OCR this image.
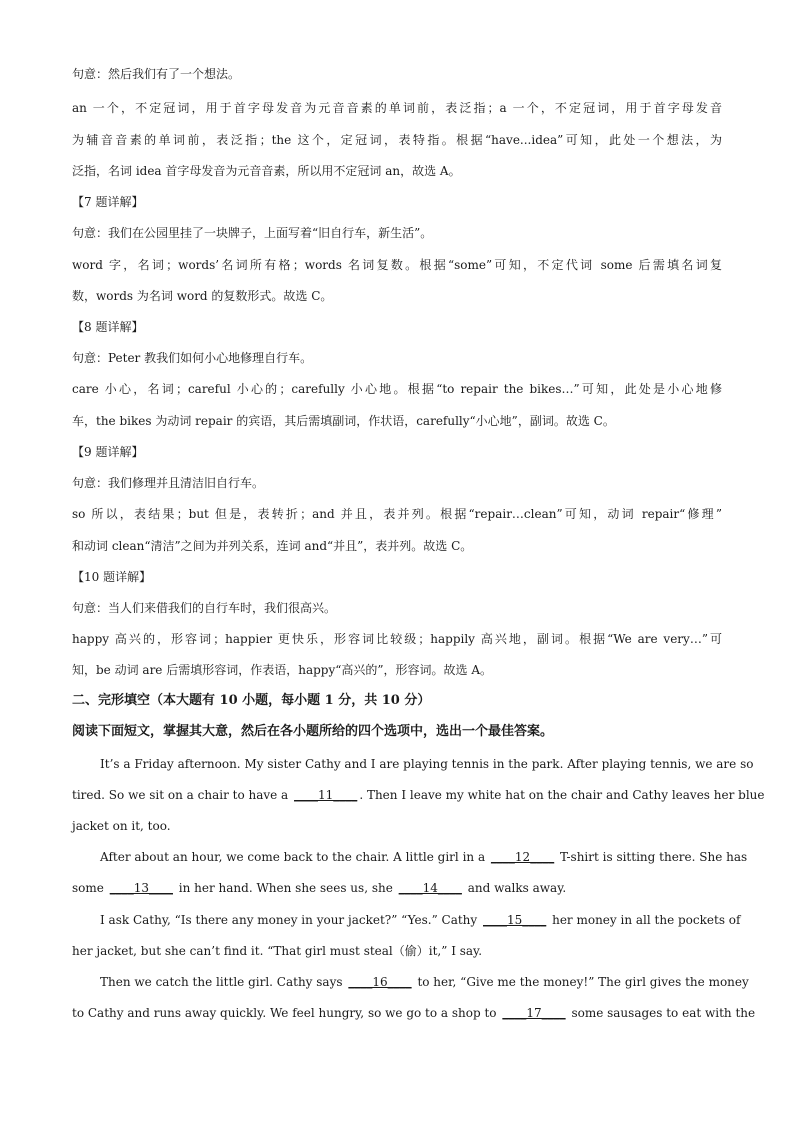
句意：然后我们有了一个想法。
an 一个，不定冠词，用于首字母发音为元音音素的单词前，表泛指；a 一个，不定冠词，用于首字母发音
为辅音音素的单词前，表泛指；the 这个，定冠词，表特指。根据“have...idea”可知，此处一个想法，为
泛指，名词 idea 首字母发音为元音音素，所以用不定冠词 an，故选 A。
【7 题详解】
句意：我们在公园里挂了一块牌子，上面写着“旧自行车，新生活”。
word 字，名词；words’名词所有格；words 名词复数。根据“some”可知，不定代词 some 后需填名词复
数，words 为名词 word 的复数形式。故选 C。
【8 题详解】
句意：Peter 教我们如何小心地修理自行车。
care 小心，名词；careful 小心的；carefully 小心地。根据“to repair the bikes…”可知，此处是小心地修
车，the bikes 为动词 repair 的宾语，其后需填副词，作状语，carefully“小心地”，副词。故选 C。
【9 题详解】
句意：我们修理并且清洁旧自行车。
so 所以，表结果；but 但是，表转折；and 并且，表并列。根据“repair…clean”可知，动词 repair“修理”
和动词 clean“清洁”之间为并列关系，连词 and“并且”，表并列。故选 C。
【10 题详解】
句意：当人们来借我们的自行车时，我们很高兴。
happy 高兴的，形容词；happier 更快乐，形容词比较级；happily 高兴地，副词。根据“We are very…”可
知，be 动词 are 后需填形容词，作表语，happy“高兴的”，形容词。故选 A。
二、完形填空（本大题有 10 小题，每小题 1 分，共 10 分）
阅读下面短文，掌握其大意，然后在各小题所给的四个选项中，选出一个最佳答案。
It’s a Friday afternoon. My sister Cathy and I are playing tennis in the park. After playing tennis, we are so
tired. So we sit on a chair to have a ____11____ . Then I leave my white hat on the chair and Cathy leaves her blue
jacket on it, too.
After about an hour, we come back to the chair. A little girl in a ____12____ T-shirt is sitting there. She has
some ____13____ in her hand. When she sees us, she ____14____ and walks away.
I ask Cathy, “Is there any money in your jacket?” “Yes.” Cathy ____15____ her money in all the pockets of
her jacket, but she can’t find it. “That girl must steal（偷）it,” I say.
Then we catch the little girl. Cathy says ____16____ to her, “Give me the money!” The girl gives the money
to Cathy and runs away quickly. We feel hungry, so we go to a shop to ____17____ some sausages to eat with the
